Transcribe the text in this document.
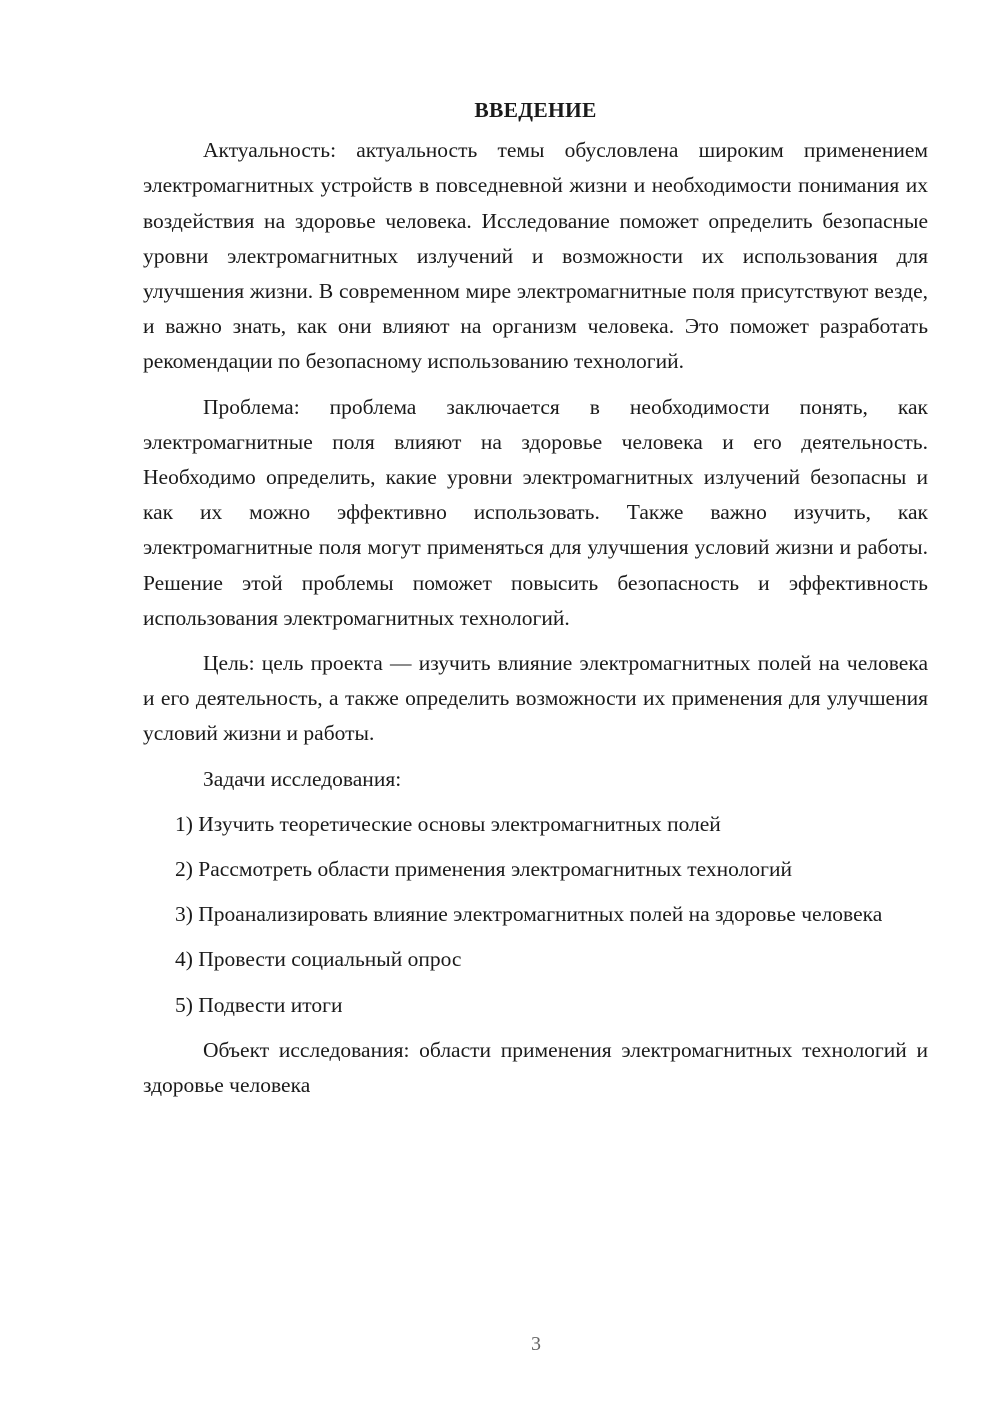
ВВЕДЕНИЕ

Актуальность: актуальность темы обусловлена широким применением электромагнитных устройств в повседневной жизни и необходимости понимания их воздействия на здоровье человека. Исследование поможет определить безопасные уровни электромагнитных излучений и возможности их использования для улучшения жизни. В современном мире электромагнитные поля присутствуют везде, и важно знать, как они влияют на организм человека. Это поможет разработать рекомендации по безопасному использованию технологий.

Проблема: проблема заключается в необходимости понять, как электромагнитные поля влияют на здоровье человека и его деятельность. Необходимо определить, какие уровни электромагнитных излучений безопасны и как их можно эффективно использовать. Также важно изучить, как электромагнитные поля могут применяться для улучшения условий жизни и работы. Решение этой проблемы поможет повысить безопасность и эффективность использования электромагнитных технологий.

Цель: цель проекта — изучить влияние электромагнитных полей на человека и его деятельность, а также определить возможности их применения для улучшения условий жизни и работы.

Задачи исследования:

1) Изучить теоретические основы электромагнитных полей

2) Рассмотреть области применения электромагнитных технологий

3) Проанализировать влияние электромагнитных полей на здоровье человека

4) Провести социальный опрос

5) Подвести итоги

Объект исследования: области применения электромагнитных технологий и здоровье человека

3
